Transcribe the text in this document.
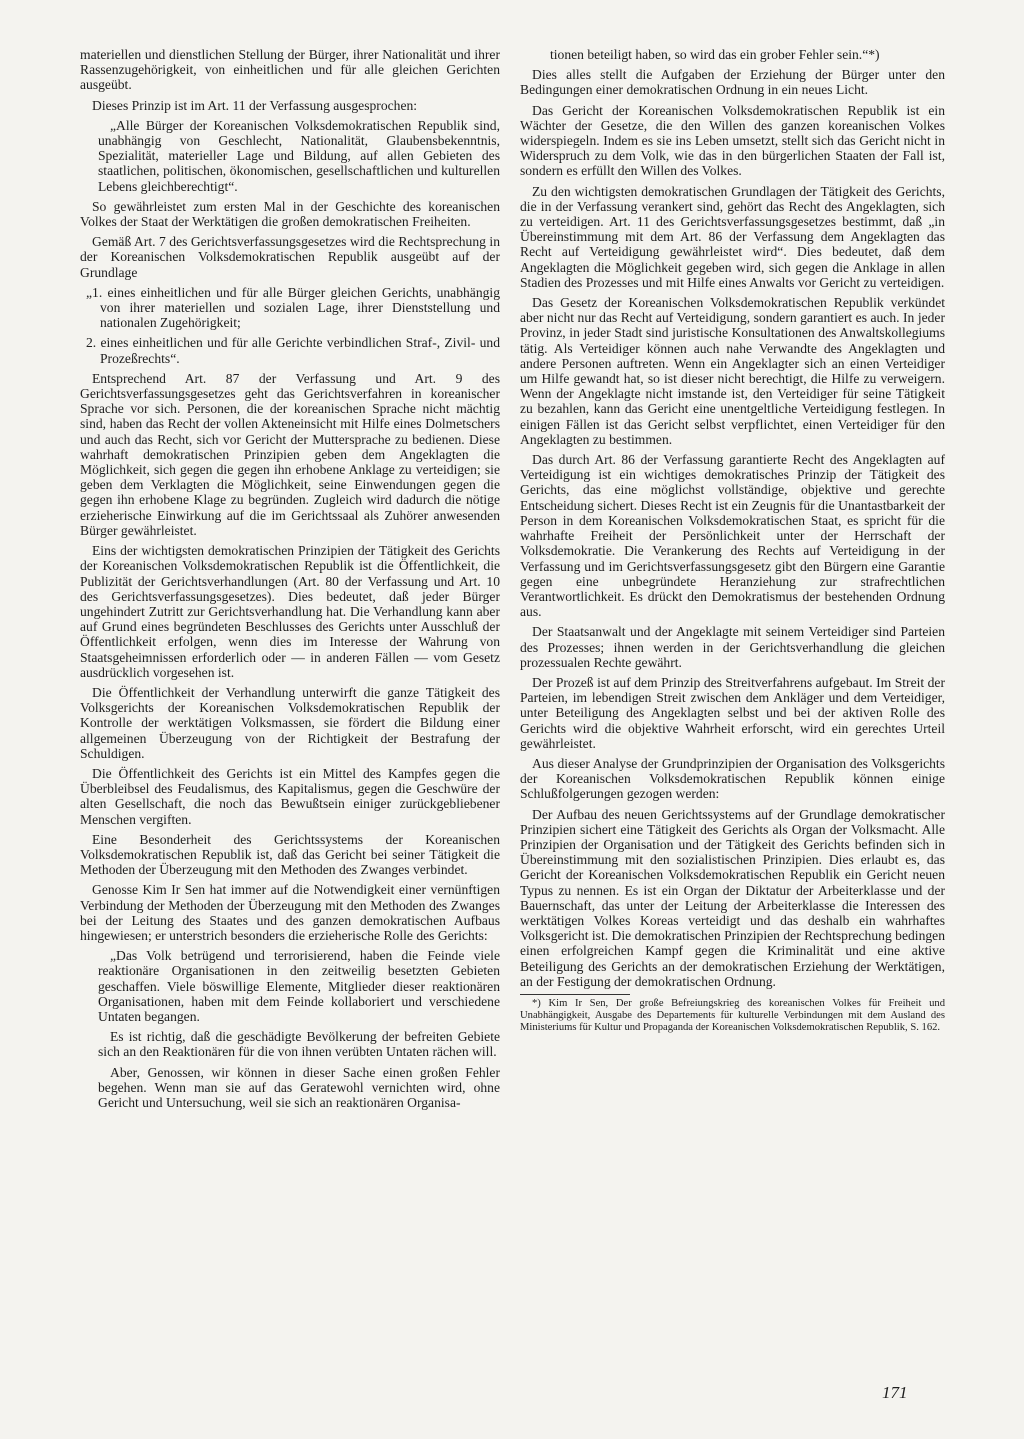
materiellen und dienstlichen Stellung der Bürger, ihrer Nationalität und ihrer Rassenzugehörigkeit, von einheitlichen und für alle gleichen Gerichten ausgeübt.

Dieses Prinzip ist im Art. 11 der Verfassung ausgesprochen:

„Alle Bürger der Koreanischen Volksdemokratischen Republik sind, unabhängig von Geschlecht, Nationalität, Glaubensbekenntnis, Spezialität, materieller Lage und Bildung, auf allen Gebieten des staatlichen, politischen, ökonomischen, gesellschaftlichen und kulturellen Lebens gleichberechtigt“.

So gewährleistet zum ersten Mal in der Geschichte des koreanischen Volkes der Staat der Werktätigen die großen demokratischen Freiheiten.

Gemäß Art. 7 des Gerichtsverfassungsgesetzes wird die Rechtsprechung in der Koreanischen Volksdemokratischen Republik ausgeübt auf der Grundlage

„1. eines einheitlichen und für alle Bürger gleichen Gerichts, unabhängig von ihrer materiellen und sozialen Lage, ihrer Dienststellung und nationalen Zugehörigkeit;

2. eines einheitlichen und für alle Gerichte verbindlichen Straf-, Zivil- und Prozeßrechts“.

Entsprechend Art. 87 der Verfassung und Art. 9 des Gerichtsverfassungsgesetzes geht das Gerichtsverfahren in koreanischer Sprache vor sich. Personen, die der koreanischen Sprache nicht mächtig sind, haben das Recht der vollen Akteneinsicht mit Hilfe eines Dolmetschers und auch das Recht, sich vor Gericht der Muttersprache zu bedienen. Diese wahrhaft demokratischen Prinzipien geben dem Angeklagten die Möglichkeit, sich gegen die gegen ihn erhobene Anklage zu verteidigen; sie geben dem Verklagten die Möglichkeit, seine Einwendungen gegen die gegen ihn erhobene Klage zu begründen. Zugleich wird dadurch die nötige erzieherische Einwirkung auf die im Gerichtssaal als Zuhörer anwesenden Bürger gewährleistet.

Eins der wichtigsten demokratischen Prinzipien der Tätigkeit des Gerichts der Koreanischen Volksdemokratischen Republik ist die Öffentlichkeit, die Publizität der Gerichtsverhandlungen (Art. 80 der Verfassung und Art. 10 des Gerichtsverfassungsgesetzes). Dies bedeutet, daß jeder Bürger ungehindert Zutritt zur Gerichtsverhandlung hat. Die Verhandlung kann aber auf Grund eines begründeten Beschlusses des Gerichts unter Ausschluß der Öffentlichkeit erfolgen, wenn dies im Interesse der Wahrung von Staatsgeheimnissen erforderlich oder — in anderen Fällen — vom Gesetz ausdrücklich vorgesehen ist.

Die Öffentlichkeit der Verhandlung unterwirft die ganze Tätigkeit des Volksgerichts der Koreanischen Volksdemokratischen Republik der Kontrolle der werktätigen Volksmassen, sie fördert die Bildung einer allgemeinen Überzeugung von der Richtigkeit der Bestrafung der Schuldigen.

Die Öffentlichkeit des Gerichts ist ein Mittel des Kampfes gegen die Überbleibsel des Feudalismus, des Kapitalismus, gegen die Geschwüre der alten Gesellschaft, die noch das Bewußtsein einiger zurückgebliebener Menschen vergiften.

Eine Besonderheit des Gerichtssystems der Koreanischen Volksdemokratischen Republik ist, daß das Gericht bei seiner Tätigkeit die Methoden der Überzeugung mit den Methoden des Zwanges verbindet.

Genosse Kim Ir Sen hat immer auf die Notwendigkeit einer vernünftigen Verbindung der Methoden der Überzeugung mit den Methoden des Zwanges bei der Leitung des Staates und des ganzen demokratischen Aufbaus hingewiesen; er unterstrich besonders die erzieherische Rolle des Gerichts:

„Das Volk betrügend und terrorisierend, haben die Feinde viele reaktionäre Organisationen in den zeitweilig besetzten Gebieten geschaffen. Viele böswillige Elemente, Mitglieder dieser reaktionären Organisationen, haben mit dem Feinde kollaboriert und verschiedene Untaten begangen.

Es ist richtig, daß die geschädigte Bevölkerung der befreiten Gebiete sich an den Reaktionären für die von ihnen verübten Untaten rächen will.

Aber, Genossen, wir können in dieser Sache einen großen Fehler begehen. Wenn man sie auf das Geratewohl vernichten wird, ohne Gericht und Untersuchung, weil sie sich an reaktionären Organisa-

tionen beteiligt haben, so wird das ein grober Fehler sein.“*)

Dies alles stellt die Aufgaben der Erziehung der Bürger unter den Bedingungen einer demokratischen Ordnung in ein neues Licht.

Das Gericht der Koreanischen Volksdemokratischen Republik ist ein Wächter der Gesetze, die den Willen des ganzen koreanischen Volkes widerspiegeln. Indem es sie ins Leben umsetzt, stellt sich das Gericht nicht in Widerspruch zu dem Volk, wie das in den bürgerlichen Staaten der Fall ist, sondern es erfüllt den Willen des Volkes.

Zu den wichtigsten demokratischen Grundlagen der Tätigkeit des Gerichts, die in der Verfassung verankert sind, gehört das Recht des Angeklagten, sich zu verteidigen. Art. 11 des Gerichtsverfassungsgesetzes bestimmt, daß „in Übereinstimmung mit dem Art. 86 der Verfassung dem Angeklagten das Recht auf Verteidigung gewährleistet wird“. Dies bedeutet, daß dem Angeklagten die Möglichkeit gegeben wird, sich gegen die Anklage in allen Stadien des Prozesses und mit Hilfe eines Anwalts vor Gericht zu verteidigen.

Das Gesetz der Koreanischen Volksdemokratischen Republik verkündet aber nicht nur das Recht auf Verteidigung, sondern garantiert es auch. In jeder Provinz, in jeder Stadt sind juristische Konsultationen des Anwaltskollegiums tätig. Als Verteidiger können auch nahe Verwandte des Angeklagten und andere Personen auftreten. Wenn ein Angeklagter sich an einen Verteidiger um Hilfe gewandt hat, so ist dieser nicht berechtigt, die Hilfe zu verweigern. Wenn der Angeklagte nicht imstande ist, den Verteidiger für seine Tätigkeit zu bezahlen, kann das Gericht eine unentgeltliche Verteidigung festlegen. In einigen Fällen ist das Gericht selbst verpflichtet, einen Verteidiger für den Angeklagten zu bestimmen.

Das durch Art. 86 der Verfassung garantierte Recht des Angeklagten auf Verteidigung ist ein wichtiges demokratisches Prinzip der Tätigkeit des Gerichts, das eine möglichst vollständige, objektive und gerechte Entscheidung sichert. Dieses Recht ist ein Zeugnis für die Unantastbarkeit der Person in dem Koreanischen Volksdemokratischen Staat, es spricht für die wahrhafte Freiheit der Persönlichkeit unter der Herrschaft der Volksdemokratie. Die Verankerung des Rechts auf Verteidigung in der Verfassung und im Gerichtsverfassungsgesetz gibt den Bürgern eine Garantie gegen eine unbegründete Heranziehung zur strafrechtlichen Verantwortlichkeit. Es drückt den Demokratismus der bestehenden Ordnung aus.

Der Staatsanwalt und der Angeklagte mit seinem Verteidiger sind Parteien des Prozesses; ihnen werden in der Gerichtsverhandlung die gleichen prozessualen Rechte gewährt.

Der Prozeß ist auf dem Prinzip des Streitverfahrens aufgebaut. Im Streit der Parteien, im lebendigen Streit zwischen dem Ankläger und dem Verteidiger, unter Beteiligung des Angeklagten selbst und bei der aktiven Rolle des Gerichts wird die objektive Wahrheit erforscht, wird ein gerechtes Urteil gewährleistet.

Aus dieser Analyse der Grundprinzipien der Organisation des Volksgerichts der Koreanischen Volksdemokratischen Republik können einige Schlußfolgerungen gezogen werden:

Der Aufbau des neuen Gerichtssystems auf der Grundlage demokratischer Prinzipien sichert eine Tätigkeit des Gerichts als Organ der Volksmacht. Alle Prinzipien der Organisation und der Tätigkeit des Gerichts befinden sich in Übereinstimmung mit den sozialistischen Prinzipien. Dies erlaubt es, das Gericht der Koreanischen Volksdemokratischen Republik ein Gericht neuen Typus zu nennen. Es ist ein Organ der Diktatur der Arbeiterklasse und der Bauernschaft, das unter der Leitung der Arbeiterklasse die Interessen des werktätigen Volkes Koreas verteidigt und das deshalb ein wahrhaftes Volksgericht ist. Die demokratischen Prinzipien der Rechtsprechung bedingen einen erfolgreichen Kampf gegen die Kriminalität und eine aktive Beteiligung des Gerichts an der demokratischen Erziehung der Werktätigen, an der Festigung der demokratischen Ordnung.

*) Kim Ir Sen, Der große Befreiungskrieg des koreanischen Volkes für Freiheit und Unabhängigkeit, Ausgabe des Departements für kulturelle Verbindungen mit dem Ausland des Ministeriums für Kultur und Propaganda der Koreanischen Volksdemokratischen Republik, S. 162.

171
